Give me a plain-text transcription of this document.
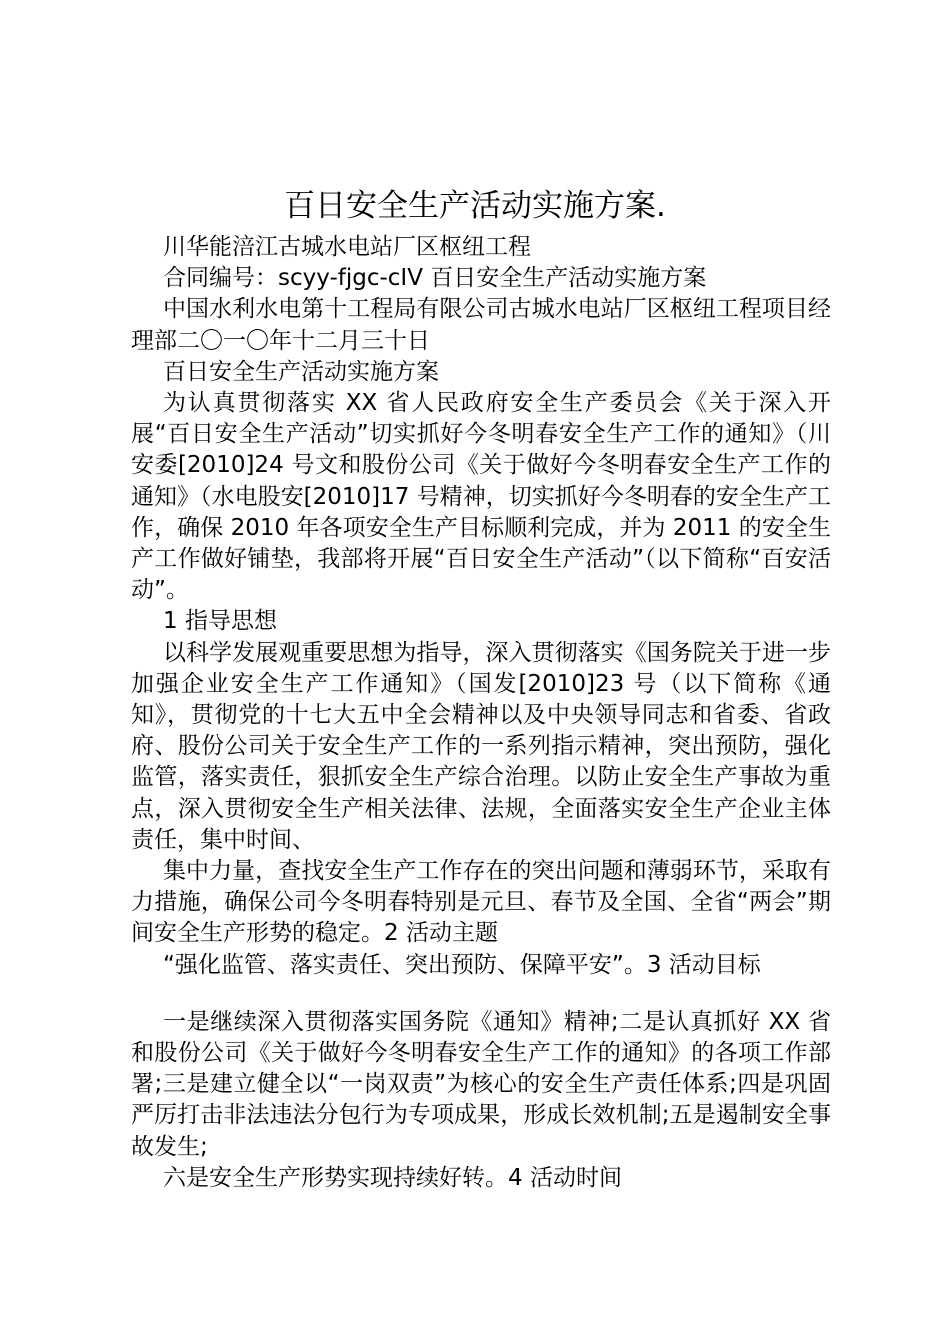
百日安全生产活动实施方案.

川华能涪江古城水电站厂区枢纽工程

合同编号：scyy-fjgc-cIV 百日安全生产活动实施方案

中国水利水电第十工程局有限公司古城水电站厂区枢纽工程项目经理部二〇一〇年十二月三十日

百日安全生产活动实施方案

为认真贯彻落实 XX 省人民政府安全生产委员会《关于深入开展“百日安全生产活动”切实抓好今冬明春安全生产工作的通知》（川安委[2010]24 号文和股份公司《关于做好今冬明春安全生产工作的通知》（水电股安[2010]17 号精神，切实抓好今冬明春的安全生产工作，确保 2010 年各项安全生产目标顺利完成，并为 2011 的安全生产工作做好铺垫，我部将开展“百日安全生产活动”（以下简称“百安活动”。

1 指导思想

以科学发展观重要思想为指导，深入贯彻落实《国务院关于进一步加强企业安全生产工作通知》（国发[2010]23 号（以下简称《通知》，贯彻党的十七大五中全会精神以及中央领导同志和省委、省政府、股份公司关于安全生产工作的一系列指示精神，突出预防，强化监管，落实责任，狠抓安全生产综合治理。以防止安全生产事故为重点，深入贯彻安全生产相关法律、法规，全面落实安全生产企业主体责任，集中时间、

集中力量，查找安全生产工作存在的突出问题和薄弱环节，采取有力措施，确保公司今冬明春特别是元旦、春节及全国、全省“两会”期间安全生产形势的稳定。2 活动主题

“强化监管、落实责任、突出预防、保障平安”。3 活动目标

一是继续深入贯彻落实国务院《通知》精神;二是认真抓好 XX 省和股份公司《关于做好今冬明春安全生产工作的通知》的各项工作部署;三是建立健全以“一岗双责”为核心的安全生产责任体系;四是巩固严厉打击非法违法分包行为专项成果，形成长效机制;五是遏制安全事故发生;

六是安全生产形势实现持续好转。4 活动时间
